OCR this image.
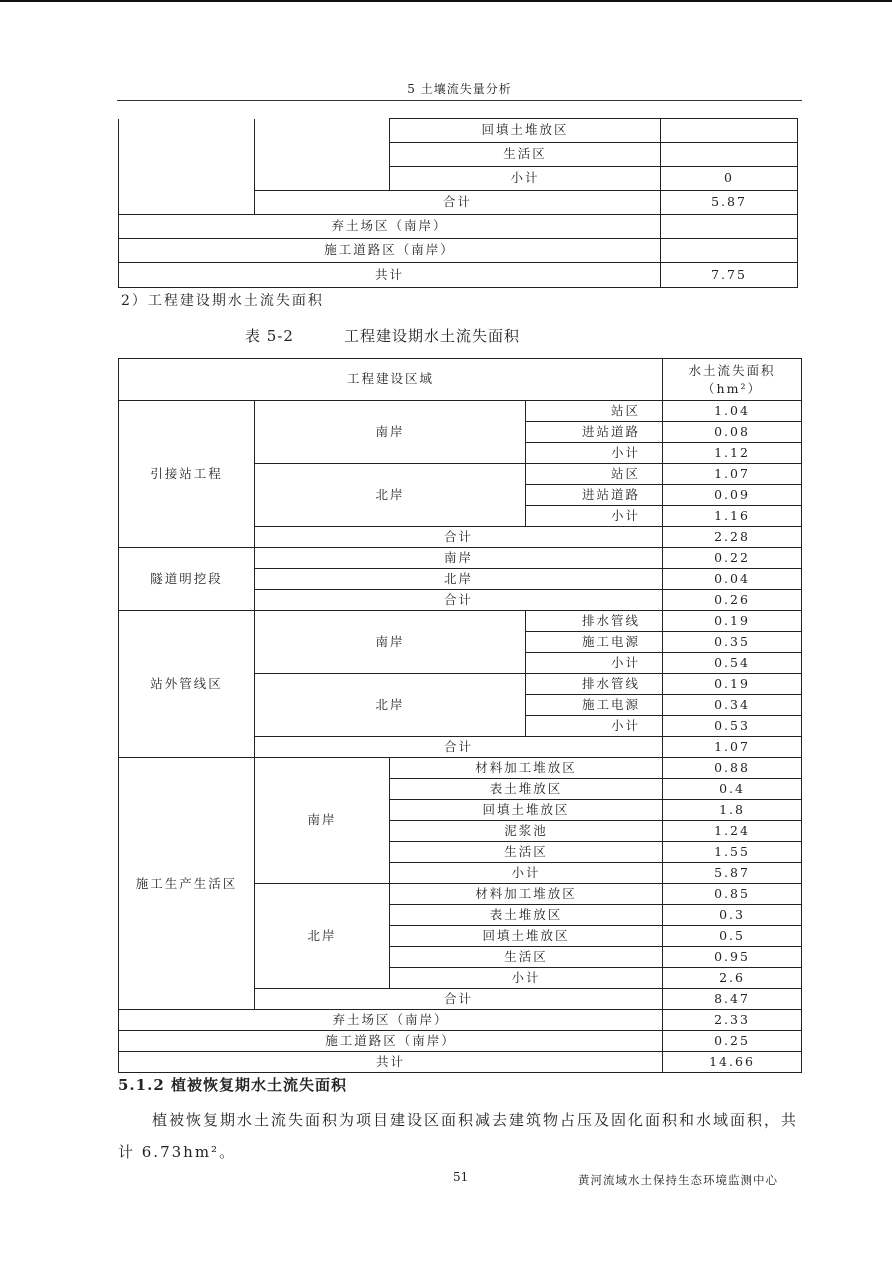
5 土壤流失量分析
		回填土堆放区	
		生活区	
		小计	0
	合计		5.87
弃土场区（南岸）			
施工道路区（南岸）			
共计			7.75
2）工程建设期水土流失面积
表 5-2	工程建设期水土流失面积
工程建设区域				水土流失面积
（hm²）

引接站工程	南岸		站区	1.04
			进站道路	0.08
			小计	1.12
	北岸		站区	1.07
			进站道路	0.09
			小计	1.16
	合计			2.28
隧道明挖段	南岸			0.22
	北岸			0.04
	合计			0.26
站外管线区	南岸		排水管线	0.19
			施工电源	0.35
			小计	0.54
	北岸		排水管线	0.19
			施工电源	0.34
			小计	0.53
	合计			1.07
施工生产生活区	南岸	材料加工堆放区		0.88
		表土堆放区		0.4
		回填土堆放区		1.8
		泥浆池		1.24
		生活区		1.55
		小计		5.87
	北岸	材料加工堆放区		0.85
		表土堆放区		0.3
		回填土堆放区		0.5
		生活区		0.95
		小计		2.6
	合计			8.47
弃土场区（南岸）				2.33
施工道路区（南岸）				0.25
共计				14.66
5.1.2 植被恢复期水土流失面积
植被恢复期水土流失面积为项目建设区面积减去建筑物占压及固化面积和水域面积，共计 6.73hm²。
51	黄河流域水土保持生态环境监测中心
